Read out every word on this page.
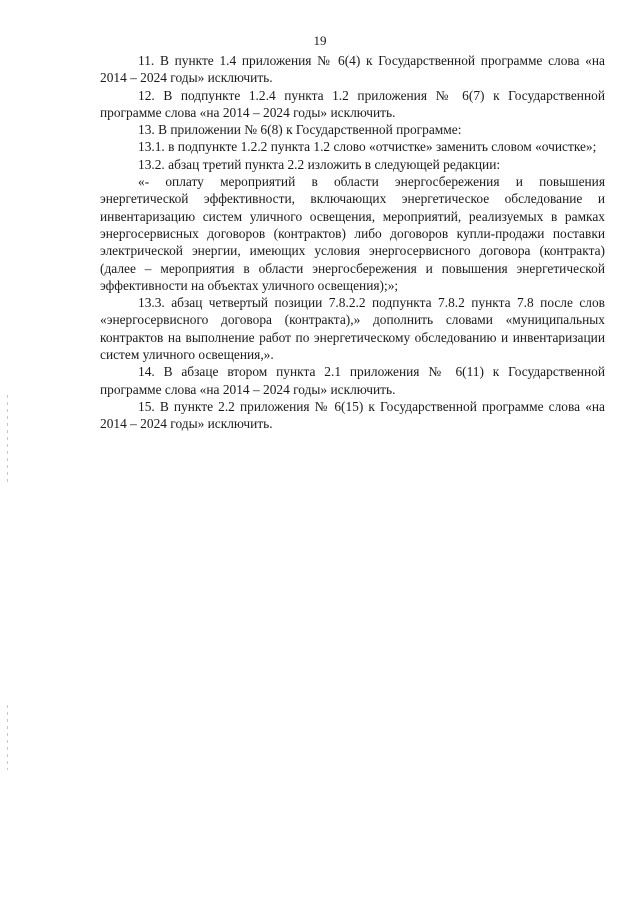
19

11. В пункте 1.4 приложения № 6(4) к Государственной программе слова «на 2014 – 2024 годы» исключить.

12. В подпункте 1.2.4 пункта 1.2 приложения № 6(7) к Государственной программе слова «на 2014 – 2024 годы» исключить.

13. В приложении № 6(8) к Государственной программе:

13.1. в подпункте 1.2.2 пункта 1.2 слово «отчистке» заменить словом «очистке»;

13.2. абзац третий пункта 2.2 изложить в следующей редакции:

«- оплату мероприятий в области энергосбережения и повышения энергетической эффективности, включающих энергетическое обследование и инвентаризацию систем уличного освещения, мероприятий, реализуемых в рамках энергосервисных договоров (контрактов) либо договоров купли-продажи поставки электрической энергии, имеющих условия энергосервисного договора (контракта) (далее – мероприятия в области энергосбережения и повышения энергетической эффективности на объектах уличного освещения);»;

13.3. абзац четвертый позиции 7.8.2.2 подпункта 7.8.2 пункта 7.8 после слов «энергосервисного договора (контракта),» дополнить словами «муниципальных контрактов на выполнение работ по энергетическому обследованию и инвентаризации систем уличного освещения,».

14. В абзаце втором пункта 2.1 приложения № 6(11) к Государственной программе слова «на 2014 – 2024 годы» исключить.

15. В пункте 2.2 приложения № 6(15) к Государственной программе слова «на 2014 – 2024 годы» исключить.
